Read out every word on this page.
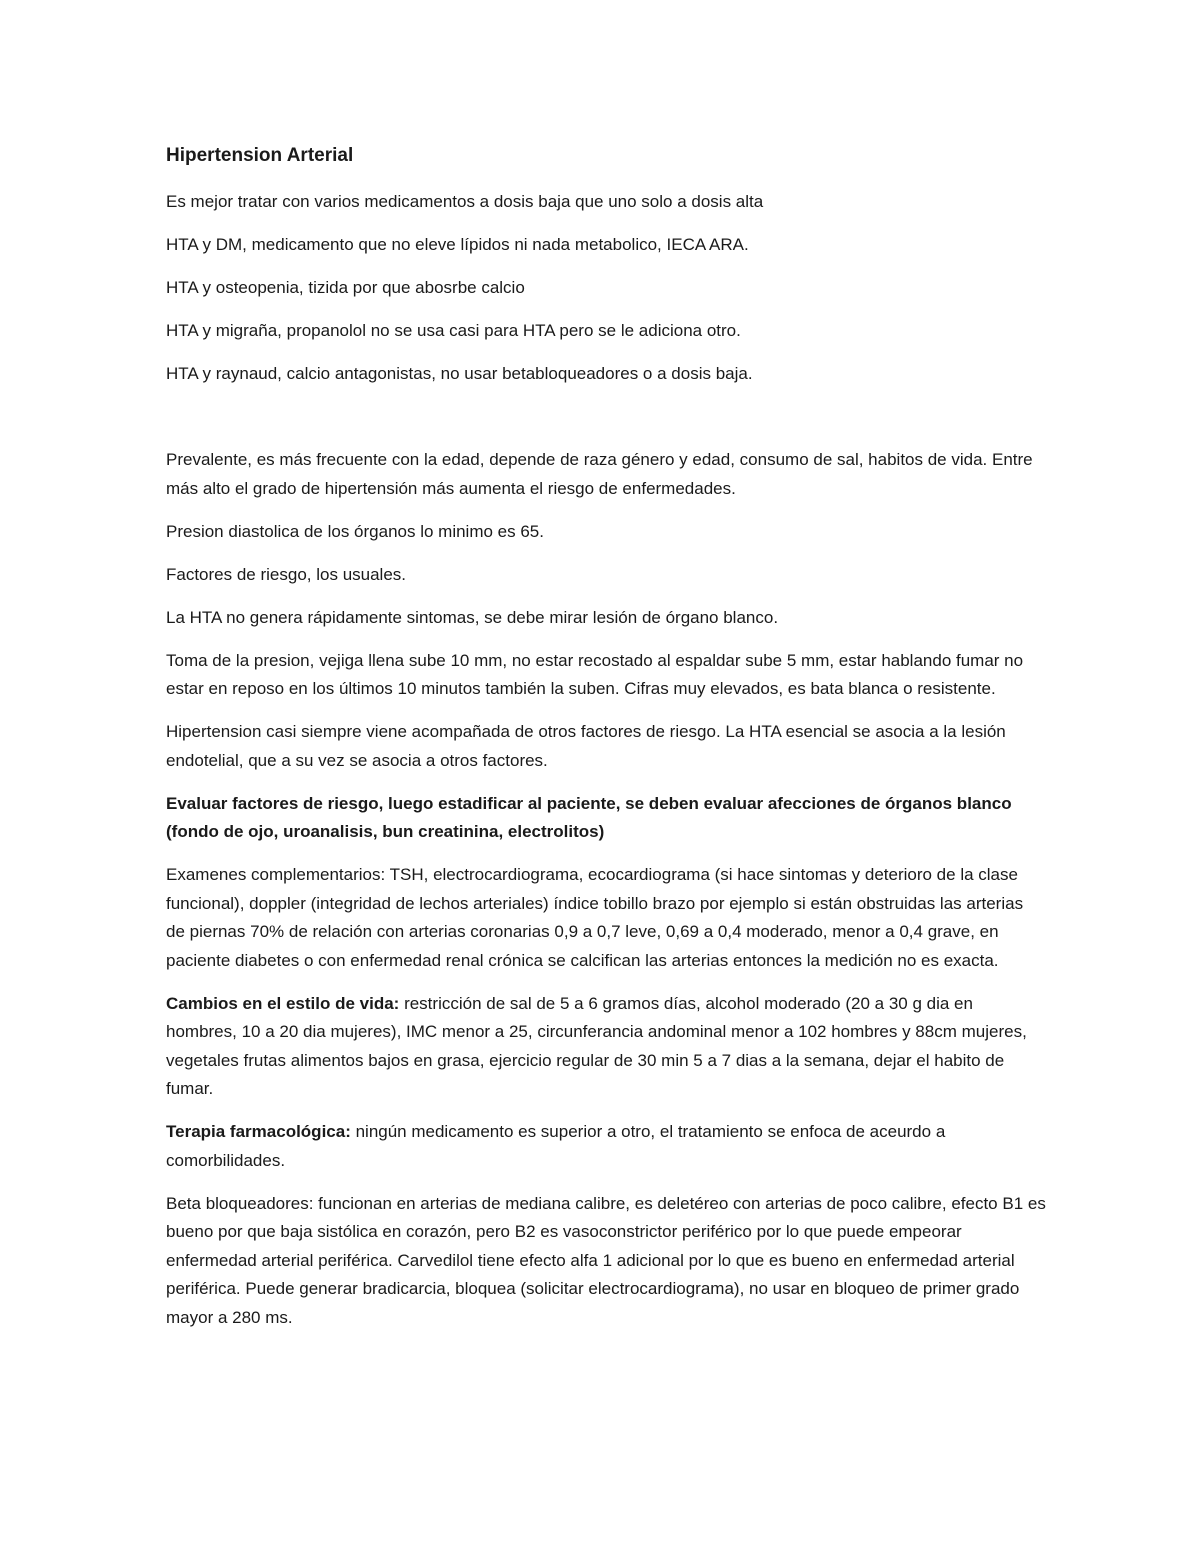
Hipertension Arterial

Es mejor tratar con varios medicamentos a dosis baja que uno solo a dosis alta

HTA y DM, medicamento que no eleve lípidos ni nada metabolico, IECA ARA.

HTA y osteopenia, tizida por que abosrbe calcio

HTA y migraña, propanolol no se usa casi para HTA pero se le adiciona otro.

HTA y raynaud, calcio antagonistas, no usar betabloqueadores o a dosis baja.

Prevalente, es más frecuente con la edad, depende de raza género y edad, consumo de sal, habitos de vida. Entre más alto el grado de hipertensión más aumenta el riesgo de enfermedades.

Presion diastolica de los órganos lo minimo es 65.

Factores de riesgo, los usuales.

La HTA no genera rápidamente sintomas, se debe mirar lesión de órgano blanco.

Toma de la presion, vejiga llena sube 10 mm, no estar recostado al espaldar sube 5 mm, estar hablando fumar no estar en reposo en los últimos 10 minutos también la suben. Cifras muy elevados, es bata blanca o resistente.

Hipertension casi siempre viene acompañada de otros factores de riesgo. La HTA esencial se asocia a la lesión endotelial, que a su vez se asocia a otros factores.

Evaluar factores de riesgo, luego estadificar al paciente, se deben evaluar afecciones de órganos blanco (fondo de ojo, uroanalisis, bun creatinina, electrolitos)

Examenes complementarios: TSH, electrocardiograma, ecocardiograma (si hace sintomas y deterioro de la clase funcional), doppler (integridad de lechos arteriales) índice tobillo brazo por ejemplo si están obstruidas las arterias de piernas 70% de relación con arterias coronarias 0,9 a 0,7 leve, 0,69 a 0,4 moderado, menor a 0,4 grave, en paciente diabetes o con enfermedad renal crónica se calcifican las arterias entonces la medición no es exacta.

Cambios en el estilo de vida: restricción de sal de 5 a 6 gramos días, alcohol moderado (20 a 30 g dia en hombres, 10 a 20 dia mujeres), IMC menor a 25, circunferancia andominal menor a 102 hombres y 88cm mujeres, vegetales frutas alimentos bajos en grasa, ejercicio regular de 30 min 5 a 7 dias a la semana, dejar el habito de fumar.

Terapia farmacológica: ningún medicamento es superior a otro, el tratamiento se enfoca de aceurdo a comorbilidades.

Beta bloqueadores: funcionan en arterias de mediana calibre, es deletéreo con arterias de poco calibre, efecto B1 es bueno por que baja sistólica en corazón, pero B2 es vasoconstrictor periférico por lo que puede empeorar enfermedad arterial periférica. Carvedilol tiene efecto alfa 1 adicional por lo que es bueno en enfermedad arterial periférica. Puede generar bradicarcia, bloquea (solicitar electrocardiograma), no usar en bloqueo de primer grado mayor a 280 ms.
